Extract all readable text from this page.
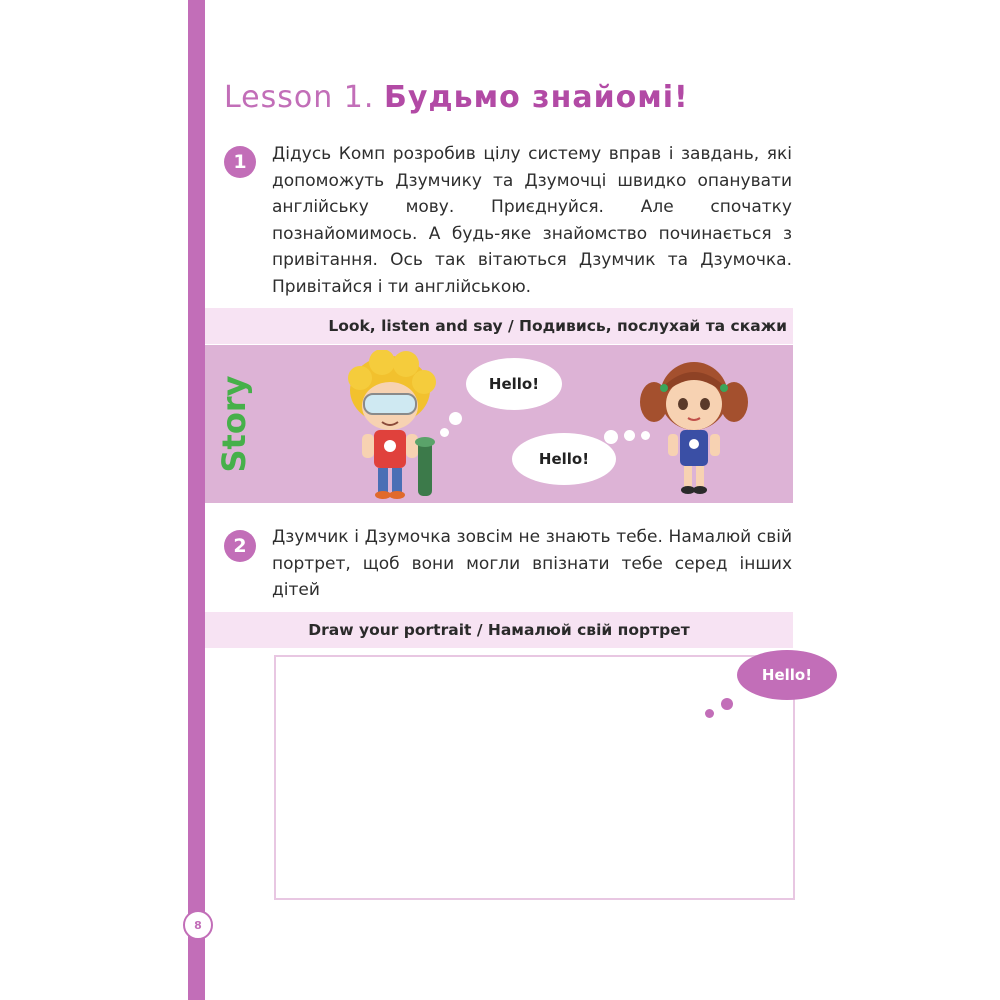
8
Lesson 1. Будьмо знайомі!
1	Дідусь Комп розробив цілу систему вправ і завдань, які допоможуть Дзумчику та Дзумочці швидко опанувати англійську мову. Приєднуйся. Але спочатку познайомимось. А будь-яке знайомство починається з привітання. Ось так вітаються Дзумчик та Дзумочка. Привітайся і ти англійською.

Look, listen and say / Подивись, послухай та скажи
Story	Hello!
Hello!
2	Дзумчик і Дзумочка зовсім не знають тебе. Намалюй свій портрет, щоб вони могли впізнати тебе серед інших дітей

Draw your portrait / Намалюй свій портрет
Hello!
